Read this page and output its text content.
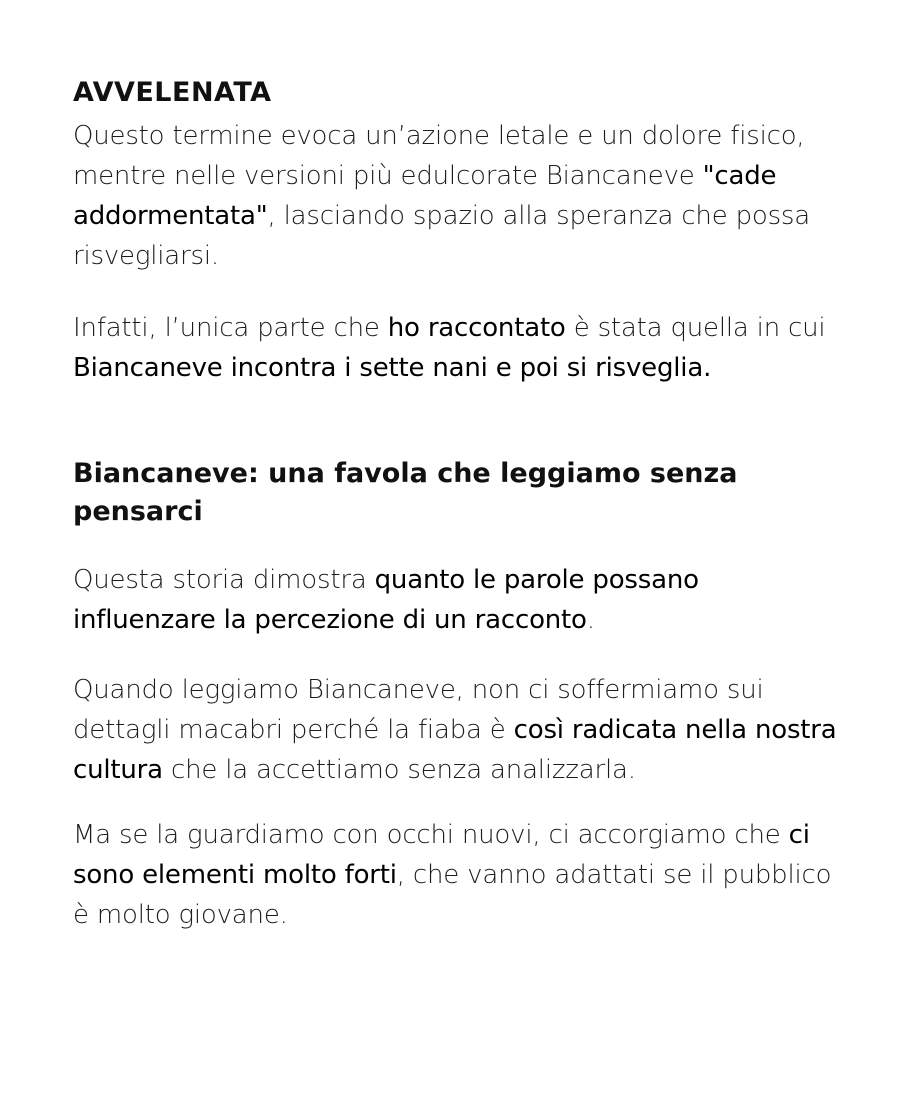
AVVELENATA

Questo termine evoca un’azione letale e un dolore fisico, mentre nelle versioni più edulcorate Biancaneve "cade addormentata", lasciando spazio alla speranza che possa risvegliarsi.

Infatti, l’unica parte che ho raccontato è stata quella in cui Biancaneve incontra i sette nani e poi si risveglia.

Biancaneve: una favola che leggiamo senza pensarci

Questa storia dimostra quanto le parole possano influenzare la percezione di un racconto.

Quando leggiamo Biancaneve, non ci soffermiamo sui dettagli macabri perché la fiaba è così radicata nella nostra cultura che la accettiamo senza analizzarla.

Ma se la guardiamo con occhi nuovi, ci accorgiamo che ci sono elementi molto forti, che vanno adattati se il pubblico è molto giovane.
